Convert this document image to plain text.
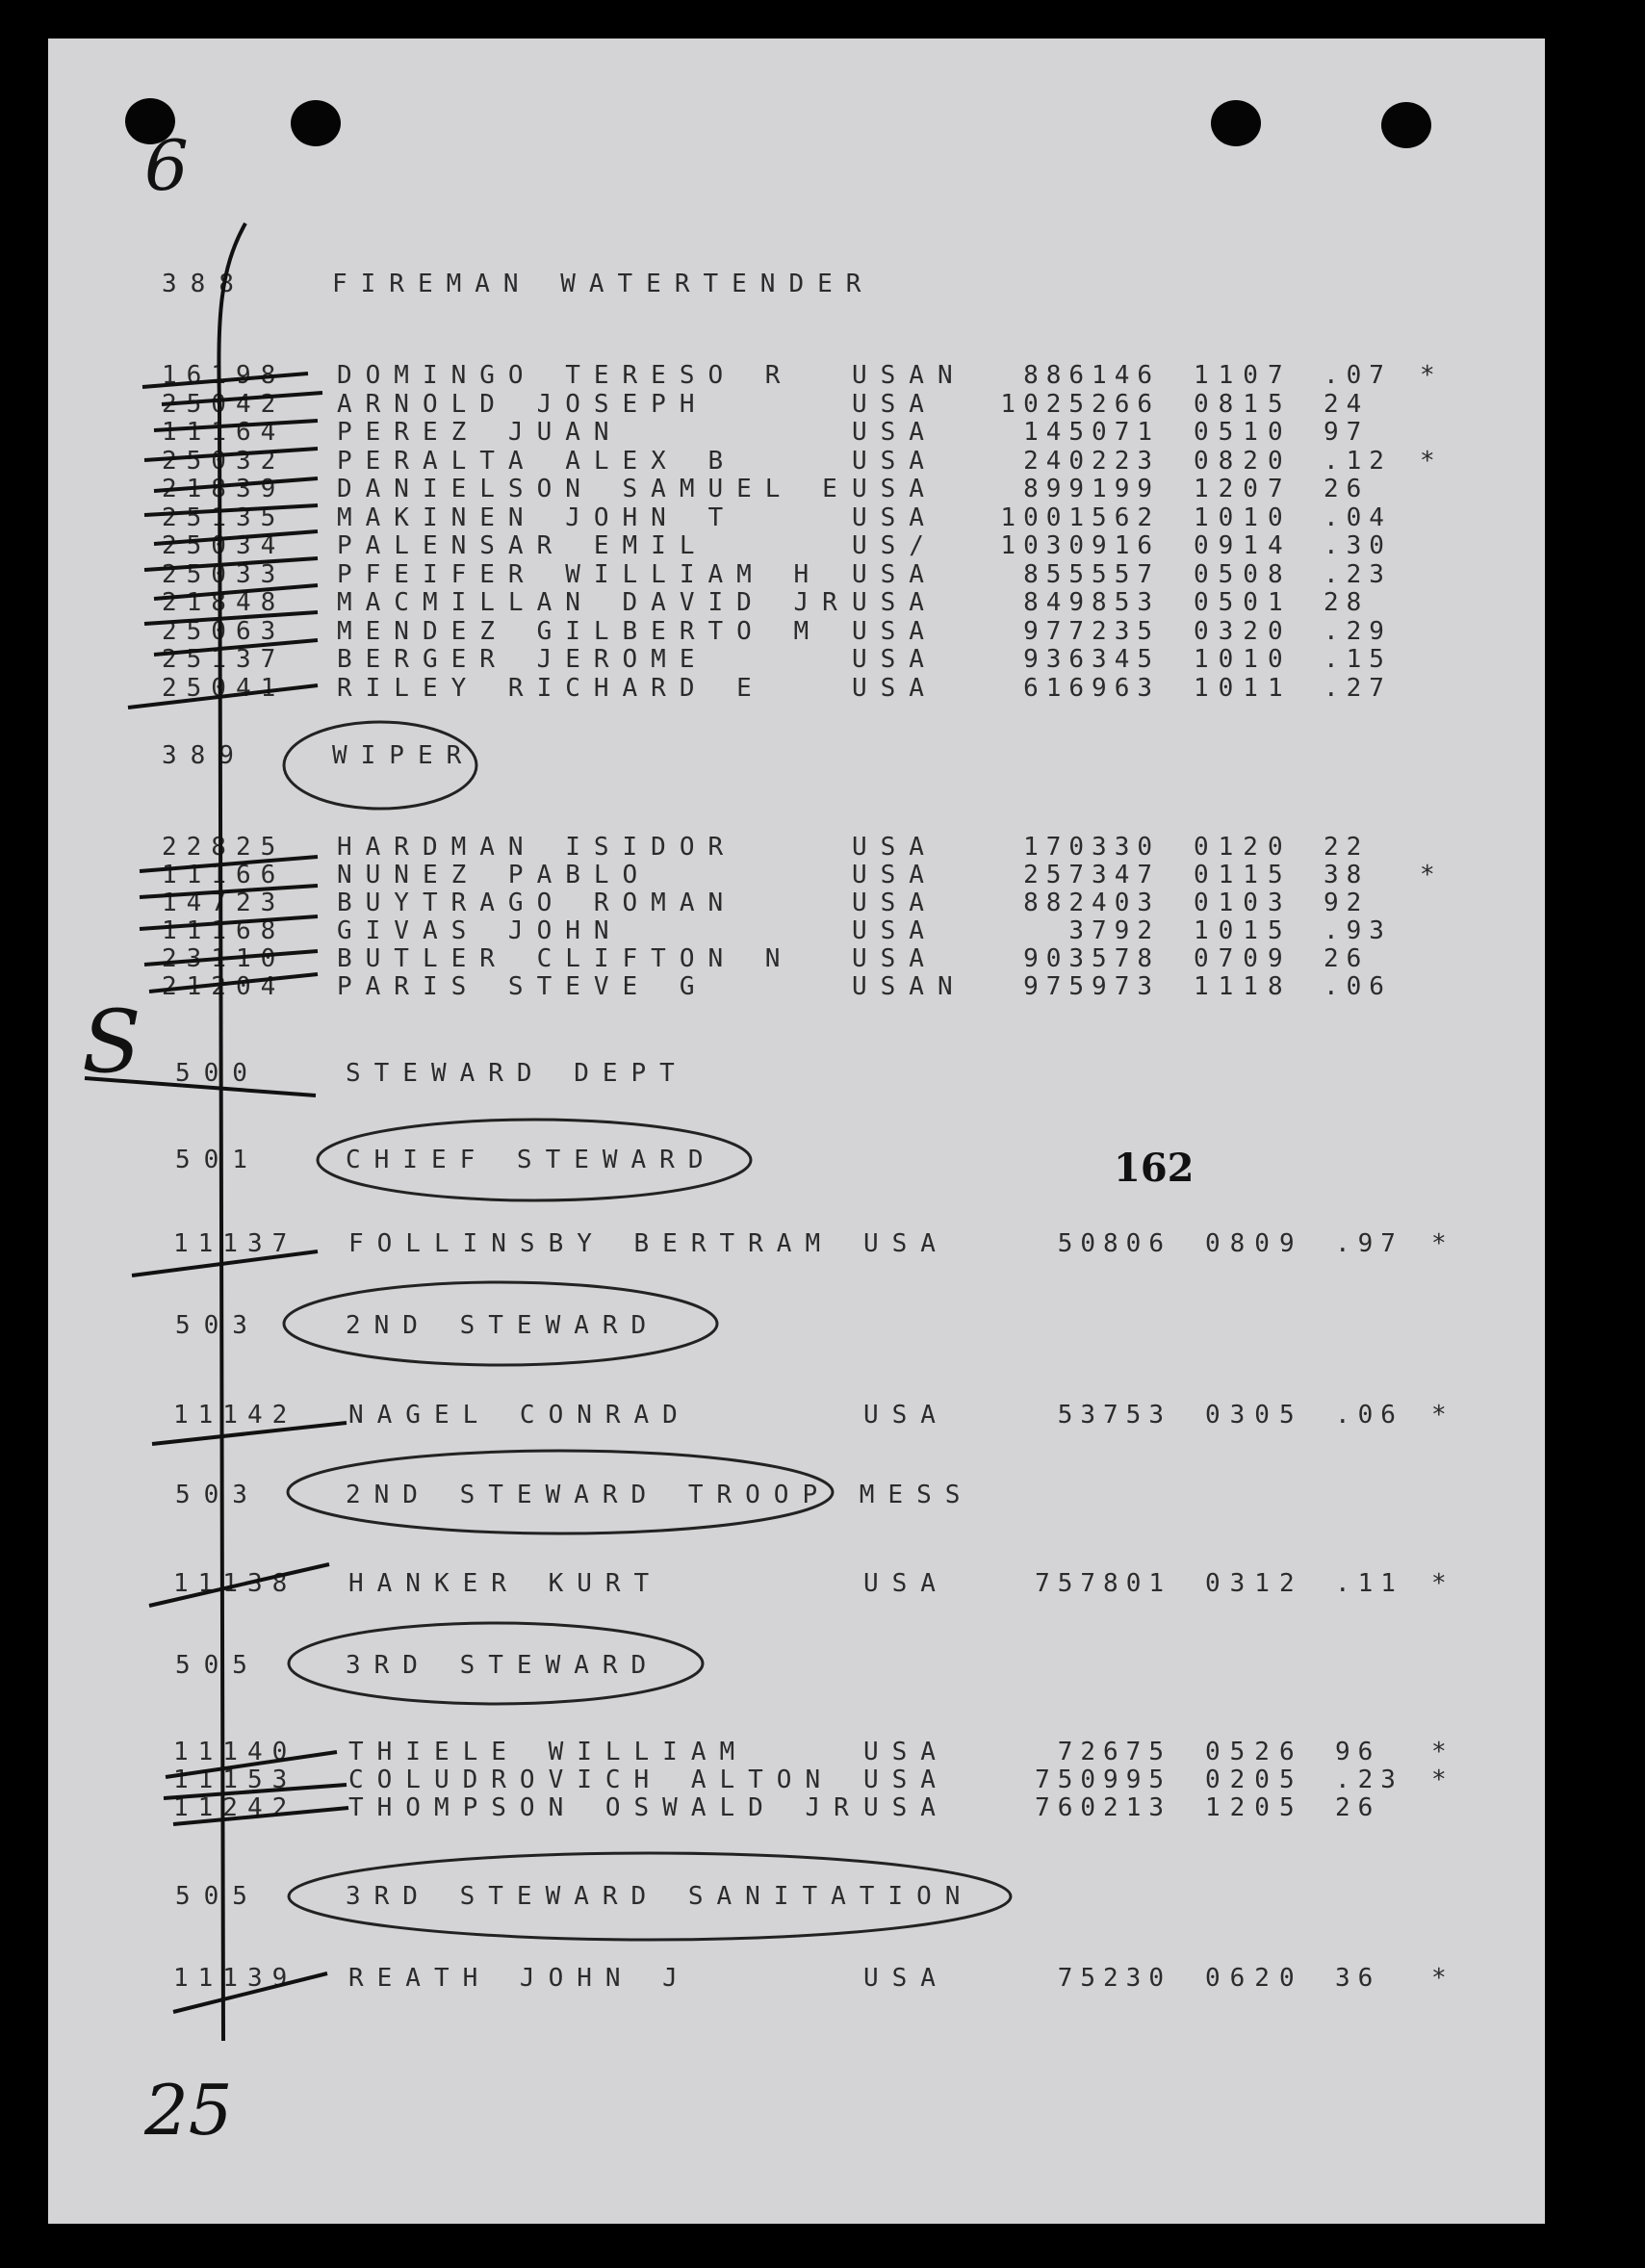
6
S
25
162
388	FIREMAN WATERTENDER
16198 DOMINGO TERESO R USAN	886146 1107 .07 *
25042 ARNOLD JOSEPH	USA	1025266 0815 24
11164 PEREZ JUAN	USA	145071 0510 97
25032 PERALTA ALEX B	USA	240223 0820 .12 *
21839 DANIELSON SAMUEL E USA	899199 1207 26
25135 MAKINEN JOHN T	USA	1001562 1010 .04
25034 PALENSAR EMIL	US/	1030916 0914 .30
25033 PFEIFER WILLIAM H USA	855557 0508 .23
21848 MACMILLAN DAVID JR USA	849853 0501 28
25063 MENDEZ GILBERTO M USA	977235 0320 .29
25137 BERGER JEROME	USA	936345 1010 .15
25041 RILEY RICHARD E	USA	616963 1011 .27
389	WIPER
22825 HARDMAN ISIDOR	USA	170330 0120 22
11166 NUNEZ PABLO	USA	257347 0115 38 *
14723 BUYTRAGO ROMAN	USA	882403 0103 92
11168 GIVAS JOHN	USA	3792 1015 .93
23110 BUTLER CLIFTON N USA	903578 0709 26
21204 PARIS STEVE G	USAN	975973 1118 .06
500	STEWARD DEPT
501	CHIEF STEWARD
11137 FOLLINSBY BERTRAM USA	50806 0809 .97 *
503	2ND STEWARD
11142 NAGEL CONRAD	USA	53753 0305 .06 *
503	2ND STEWARD TROOP MESS
11138 HANKER KURT	USA	757801 0312 .11 *
505	3RD STEWARD
11140 THIELE WILLIAM	USA	72675 0526 96 *
11153 COLUDROVICH ALTON USA	750995 0205 .23 *
11242 THOMPSON OSWALD JR USA	760213 1205 26
505	3RD STEWARD SANITATION
11139 REATH JOHN J	USA	75230 0620 36 *
